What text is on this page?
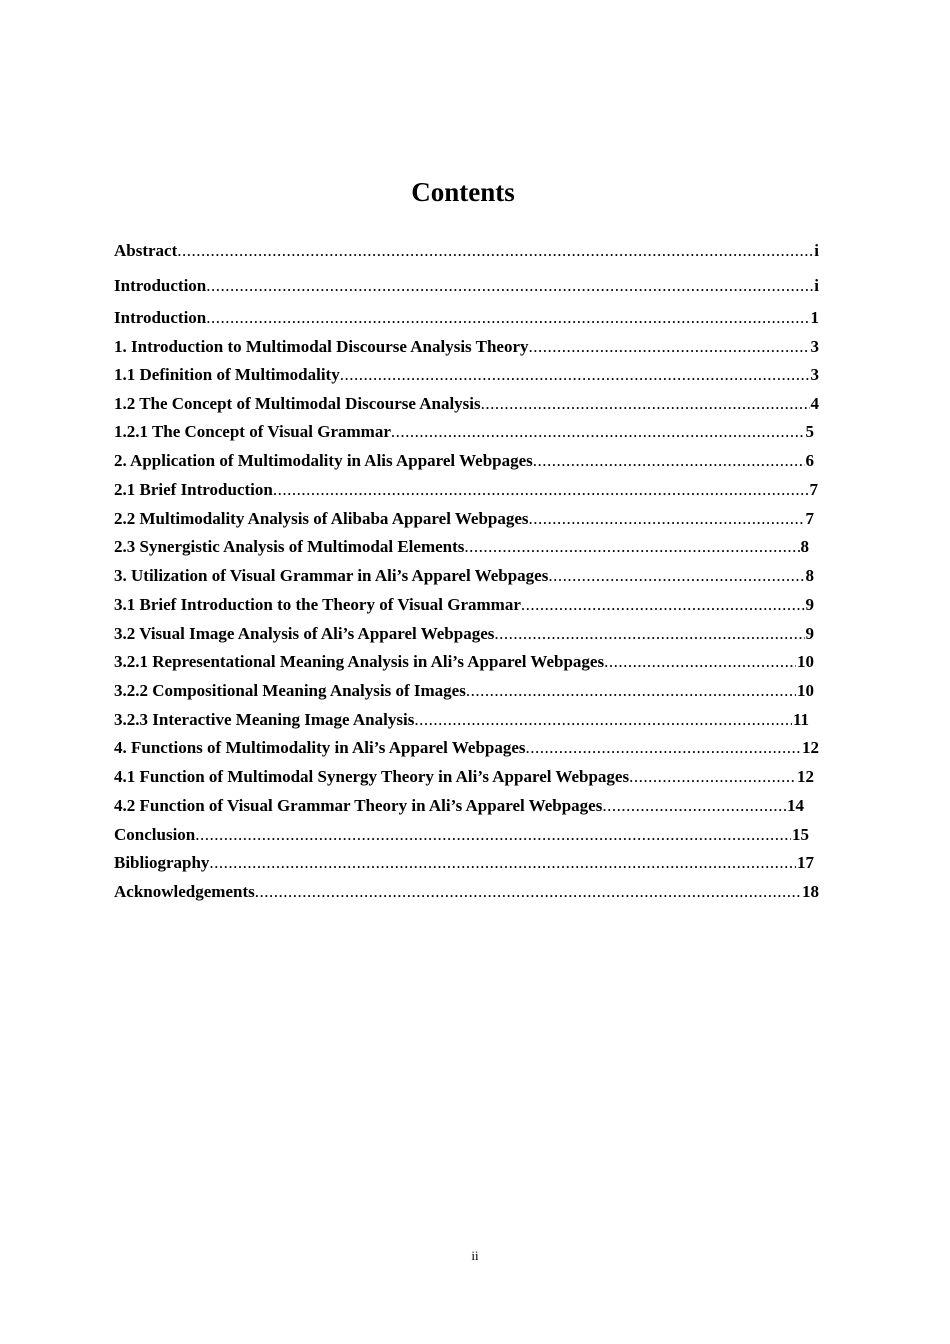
Contents
Abstract .....	i
Introduction .....	i
Introduction .....	1
1. Introduction to Multimodal Discourse Analysis Theory .....	3
1.1 Definition of Multimodality .....	3
1.2 The Concept of Multimodal Discourse Analysis .....	4
1.2.1 The Concept of Visual Grammar .....	5
2. Application of Multimodality in Alis Apparel Webpages .....	6
2.1 Brief Introduction .....	7
2.2 Multimodality Analysis of Alibaba Apparel Webpages .....	7
2.3 Synergistic Analysis of Multimodal Elements .....	8
3. Utilization of Visual Grammar in Ali’s Apparel Webpages .....	8
3.1 Brief Introduction to the Theory of Visual Grammar .....	9
3.2 Visual Image Analysis of Ali’s Apparel Webpages .....	9
3.2.1 Representational Meaning Analysis in Ali’s Apparel Webpages .....	10
3.2.2 Compositional Meaning Analysis of Images .....	10
3.2.3 Interactive Meaning Image Analysis .....	11
4. Functions of Multimodality in Ali’s Apparel Webpages .....	12
4.1 Function of Multimodal Synergy Theory in Ali’s Apparel Webpages .....	12
4.2 Function of Visual Grammar Theory in Ali’s Apparel Webpages .....	14
Conclusion .....	15
Bibliography .....	17
Acknowledgements .....	18
ii
